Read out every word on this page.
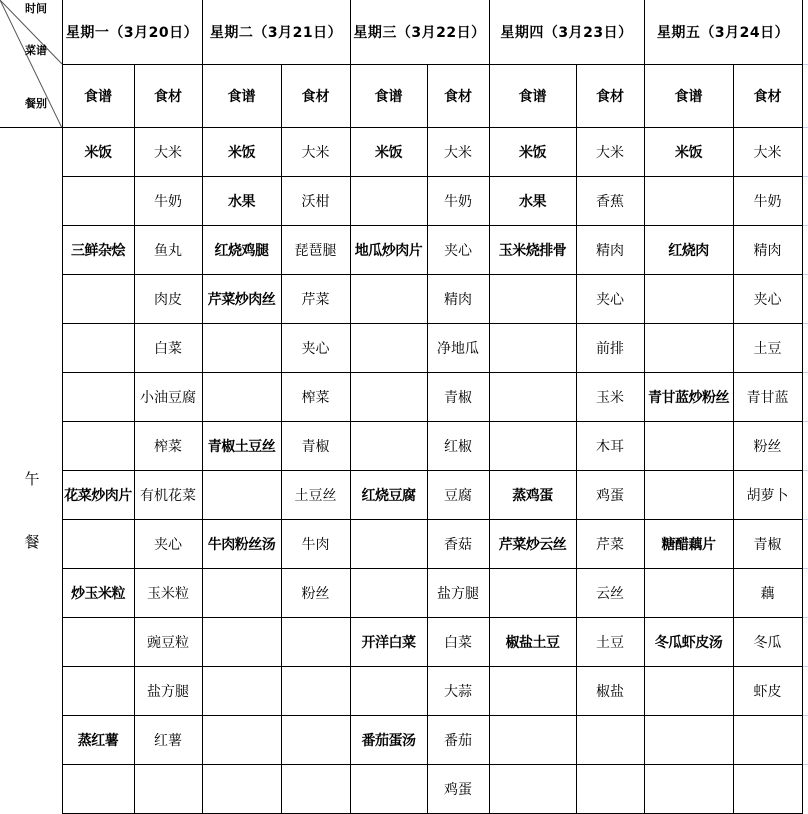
时间
菜谱
餐别	星期一（3月20日）		星期二（3月21日）		星期三（3月22日）		星期四（3月23日）		星期五（3月24日）	
	食谱	食材	食谱	食材	食谱	食材	食谱	食材	食谱	食材
	米饭	大米	米饭	大米	米饭	大米	米饭	大米	米饭	大米
		牛奶	水果	沃柑		牛奶	水果	香蕉		牛奶
	三鲜杂烩	鱼丸	红烧鸡腿	琵琶腿	地瓜炒肉片	夹心	玉米烧排骨	精肉	红烧肉	精肉
		肉皮	芹菜炒肉丝	芹菜		精肉		夹心		夹心
		白菜		夹心		净地瓜		前排		土豆
		小油豆腐		榨菜		青椒		玉米	青甘蓝炒粉丝	青甘蓝
		榨菜	青椒土豆丝	青椒		红椒		木耳		粉丝
	花菜炒肉片	有机花菜		土豆丝	红烧豆腐	豆腐	蒸鸡蛋	鸡蛋		胡萝卜
		夹心	牛肉粉丝汤	牛肉		香菇	芹菜炒云丝	芹菜	糖醋藕片	青椒
	炒玉米粒	玉米粒		粉丝		盐方腿		云丝		藕
		豌豆粒			开洋白菜	白菜	椒盐土豆	土豆	冬瓜虾皮汤	冬瓜
		盐方腿				大蒜		椒盐		虾皮
	蒸红薯	红薯			番茄蛋汤	番茄				
						鸡蛋				
午
餐
